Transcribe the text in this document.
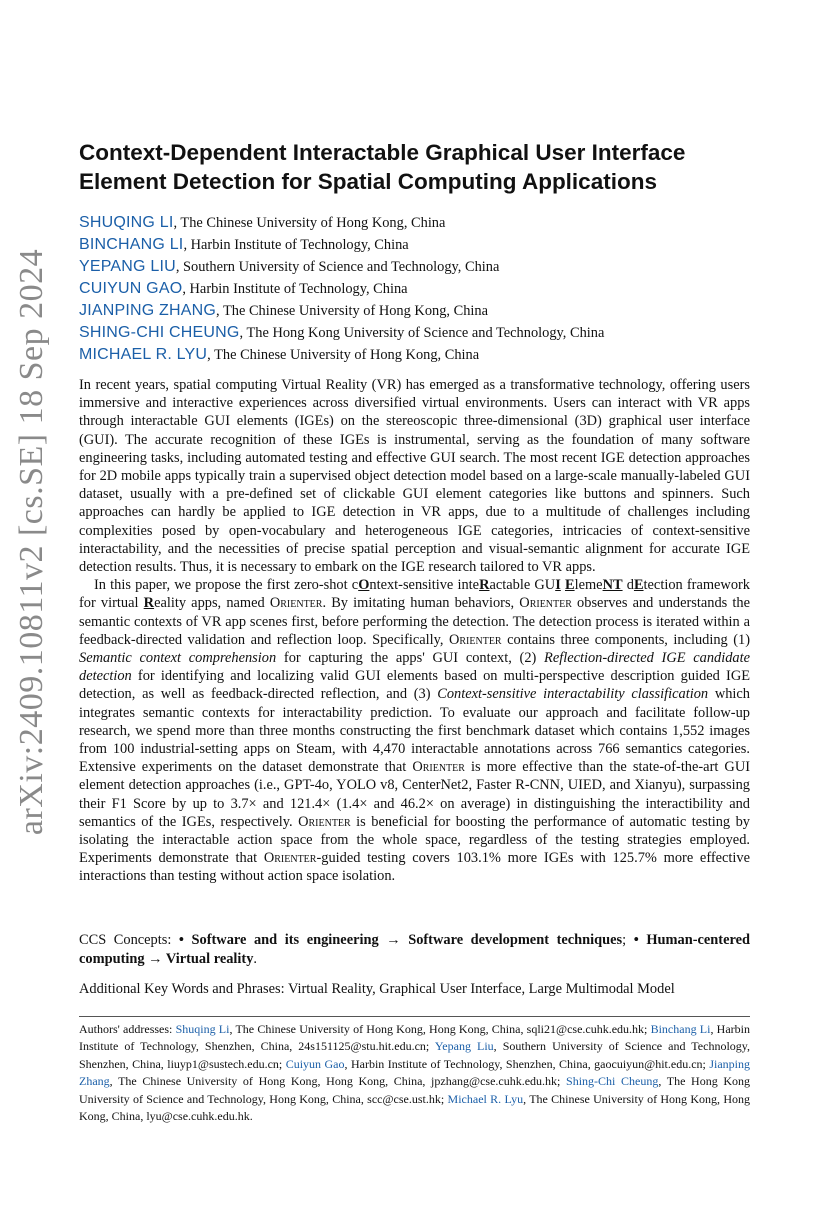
arXiv:2409.10811v2 [cs.SE] 18 Sep 2024
Context-Dependent Interactable Graphical User Interface Element Detection for Spatial Computing Applications
SHUQING LI, The Chinese University of Hong Kong, China
BINCHANG LI, Harbin Institute of Technology, China
YEPANG LIU, Southern University of Science and Technology, China
CUIYUN GAO, Harbin Institute of Technology, China
JIANPING ZHANG, The Chinese University of Hong Kong, China
SHING-CHI CHEUNG, The Hong Kong University of Science and Technology, China
MICHAEL R. LYU, The Chinese University of Hong Kong, China

In recent years, spatial computing Virtual Reality (VR) has emerged as a transformative technology, offering users immersive and interactive experiences across diversified virtual environments. Users can interact with VR apps through interactable GUI elements (IGEs) on the stereoscopic three-dimensional (3D) graphical user interface (GUI). The accurate recognition of these IGEs is instrumental, serving as the foundation of many software engineering tasks, including automated testing and effective GUI search. The most recent IGE detection approaches for 2D mobile apps typically train a supervised object detection model based on a large-scale manually-labeled GUI dataset, usually with a pre-defined set of clickable GUI element categories like buttons and spinners. Such approaches can hardly be applied to IGE detection in VR apps, due to a multitude of challenges including complexities posed by open-vocabulary and heterogeneous IGE categories, intricacies of context-sensitive interactability, and the necessities of precise spatial perception and visual-semantic alignment for accurate IGE detection results. Thus, it is necessary to embark on the IGE research tailored to VR apps.

In this paper, we propose the first zero-shot cOntext-sensitive inteRactable GUI ElemeNT dEtection framework for virtual Reality apps, named Orienter. By imitating human behaviors, Orienter observes and understands the semantic contexts of VR app scenes first, before performing the detection. The detection process is iterated within a feedback-directed validation and reflection loop. Specifically, Orienter contains three components, including (1) Semantic context comprehension for capturing the apps' GUI context, (2) Reflection-directed IGE candidate detection for identifying and localizing valid GUI elements based on multi-perspective description guided IGE detection, as well as feedback-directed reflection, and (3) Context-sensitive interactability classification which integrates semantic contexts for interactability prediction. To evaluate our approach and facilitate follow-up research, we spend more than three months constructing the first benchmark dataset which contains 1,552 images from 100 industrial-setting apps on Steam, with 4,470 interactable annotations across 766 semantics categories. Extensive experiments on the dataset demonstrate that Orienter is more effective than the state-of-the-art GUI element detection approaches (i.e., GPT-4o, YOLO v8, CenterNet2, Faster R-CNN, UIED, and Xianyu), surpassing their F1 Score by up to 3.7× and 121.4× (1.4× and 46.2× on average) in distinguishing the interactibility and semantics of the IGEs, respectively. Orienter is beneficial for boosting the performance of automatic testing by isolating the interactable action space from the whole space, regardless of the testing strategies employed. Experiments demonstrate that Orienter-guided testing covers 103.1% more IGEs with 125.7% more effective interactions than testing without action space isolation.

CCS Concepts: • Software and its engineering → Software development techniques; • Human-centered computing → Virtual reality.

Additional Key Words and Phrases: Virtual Reality, Graphical User Interface, Large Multimodal Model

Authors' addresses: Shuqing Li, The Chinese University of Hong Kong, Hong Kong, China, sqli21@cse.cuhk.edu.hk; Binchang Li, Harbin Institute of Technology, Shenzhen, China, 24s151125@stu.hit.edu.cn; Yepang Liu, Southern University of Science and Technology, Shenzhen, China, liuyp1@sustech.edu.cn; Cuiyun Gao, Harbin Institute of Technology, Shenzhen, China, gaocuiyun@hit.edu.cn; Jianping Zhang, The Chinese University of Hong Kong, Hong Kong, China, jpzhang@cse.cuhk.edu.hk; Shing-Chi Cheung, The Hong Kong University of Science and Technology, Hong Kong, China, scc@cse.ust.hk; Michael R. Lyu, The Chinese University of Hong Kong, Hong Kong, China, lyu@cse.cuhk.edu.hk.
